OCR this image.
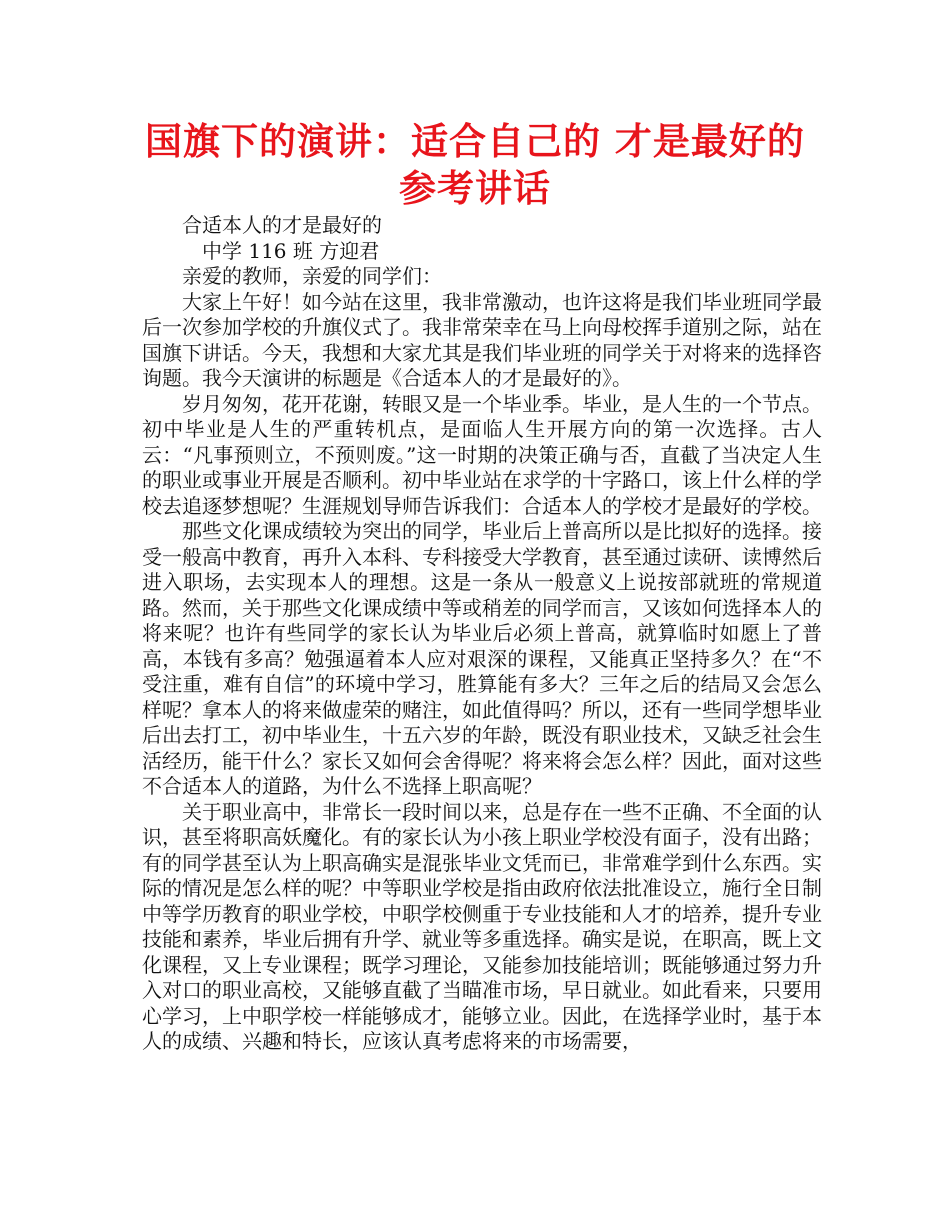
国旗下的演讲：适合自己的 才是最好的参考讲话

合适本人的才是最好的

中学 116 班 方迎君

亲爱的教师，亲爱的同学们：

大家上午好！如今站在这里，我非常激动，也许这将是我们毕业班同学最后一次参加学校的升旗仪式了。我非常荣幸在马上向母校挥手道别之际，站在国旗下讲话。今天，我想和大家尤其是我们毕业班的同学关于对将来的选择咨询题。我今天演讲的标题是《合适本人的才是最好的》。

岁月匆匆，花开花谢，转眼又是一个毕业季。毕业，是人生的一个节点。初中毕业是人生的严重转机点，是面临人生开展方向的第一次选择。古人云：“凡事预则立，不预则废。”这一时期的决策正确与否，直截了当决定人生的职业或事业开展是否顺利。初中毕业站在求学的十字路口，该上什么样的学校去追逐梦想呢？生涯规划导师告诉我们：合适本人的学校才是最好的学校。

那些文化课成绩较为突出的同学，毕业后上普高所以是比拟好的选择。接受一般高中教育，再升入本科、专科接受大学教育，甚至通过读研、读博然后进入职场，去实现本人的理想。这是一条从一般意义上说按部就班的常规道路。然而，关于那些文化课成绩中等或稍差的同学而言，又该如何选择本人的将来呢？也许有些同学的家长认为毕业后必须上普高，就算临时如愿上了普高，本钱有多高？勉强逼着本人应对艰深的课程，又能真正坚持多久？在“不受注重，难有自信”的环境中学习，胜算能有多大？三年之后的结局又会怎么样呢？拿本人的将来做虚荣的赌注，如此值得吗？所以，还有一些同学想毕业后出去打工，初中毕业生，十五六岁的年龄，既没有职业技术，又缺乏社会生活经历，能干什么？家长又如何会舍得呢？将来将会怎么样？因此，面对这些不合适本人的道路，为什么不选择上职高呢？

关于职业高中，非常长一段时间以来，总是存在一些不正确、不全面的认识，甚至将职高妖魔化。有的家长认为小孩上职业学校没有面子，没有出路；有的同学甚至认为上职高确实是混张毕业文凭而已，非常难学到什么东西。实际的情况是怎么样的呢？中等职业学校是指由政府依法批准设立，施行全日制中等学历教育的职业学校，中职学校侧重于专业技能和人才的培养，提升专业技能和素养，毕业后拥有升学、就业等多重选择。确实是说，在职高，既上文化课程，又上专业课程；既学习理论，又能参加技能培训；既能够通过努力升入对口的职业高校，又能够直截了当瞄准市场，早日就业。如此看来，只要用心学习，上中职学校一样能够成才，能够立业。因此，在选择学业时，基于本人的成绩、兴趣和特长，应该认真考虑将来的市场需要，
